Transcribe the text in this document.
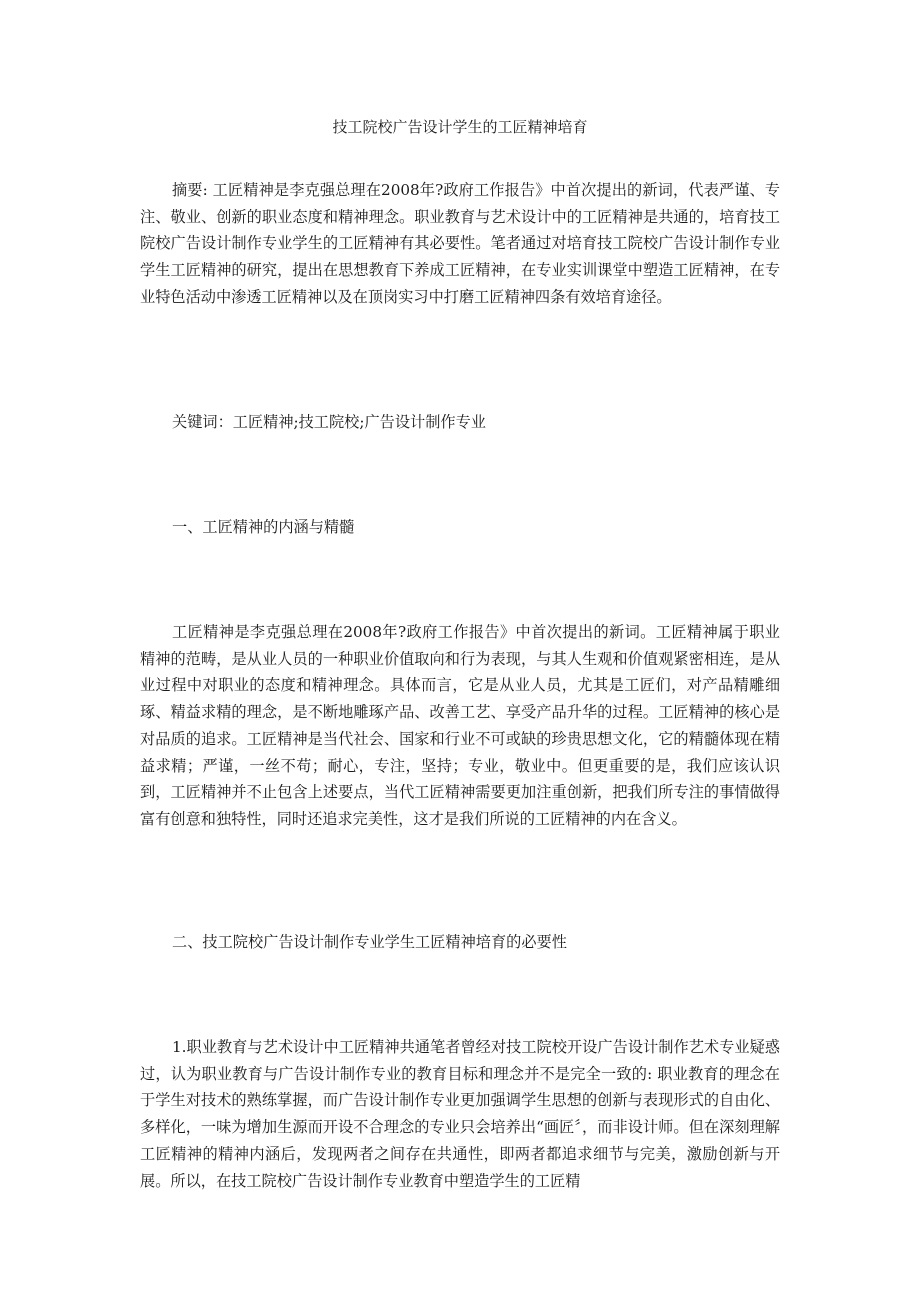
技工院校广告设计学生的工匠精神培育

摘要: 工匠精神是李克强总理在2008年?政府工作报告》中首次提出的新词，代表严谨、专注、敬业、创新的职业态度和精神理念。职业教育与艺术设计中的工匠精神是共通的，培育技工院校广告设计制作专业学生的工匠精神有其必要性。笔者通过对培育技工院校广告设计制作专业学生工匠精神的研究，提出在思想教育下养成工匠精神，在专业实训课堂中塑造工匠精神，在专业特色活动中渗透工匠精神以及在顶岗实习中打磨工匠精神四条有效培育途径。

关键词：工匠精神;技工院校;广告设计制作专业

一、工匠精神的内涵与精髓

工匠精神是李克强总理在2008年?政府工作报告》中首次提出的新词。工匠精神属于职业精神的范畴，是从业人员的一种职业价值取向和行为表现，与其人生观和价值观紧密相连，是从业过程中对职业的态度和精神理念。具体而言，它是从业人员，尤其是工匠们，对产品精雕细琢、精益求精的理念，是不断地雕琢产品、改善工艺、享受产品升华的过程。工匠精神的核心是对品质的追求。工匠精神是当代社会、国家和行业不可或缺的珍贵思想文化，它的精髓体现在精益求精；严谨，一丝不苟；耐心，专注，坚持；专业，敬业中。但更重要的是，我们应该认识到，工匠精神并不止包含上述要点，当代工匠精神需要更加注重创新，把我们所专注的事情做得富有创意和独特性，同时还追求完美性，这才是我们所说的工匠精神的内在含义。

二、技工院校广告设计制作专业学生工匠精神培育的必要性

1.职业教育与艺术设计中工匠精神共通笔者曾经对技工院校开设广告设计制作艺术专业疑惑过，认为职业教育与广告设计制作专业的教育目标和理念并不是完全一致的: 职业教育的理念在于学生对技术的熟练掌握，而广告设计制作专业更加强调学生思想的创新与表现形式的自由化、多样化，一味为增加生源而开设不合理念的专业只会培养出“画匠〞，而非设计师。但在深刻理解工匠精神的精神内涵后，发现两者之间存在共通性，即两者都追求细节与完美，激励创新与开展。所以，在技工院校广告设计制作专业教育中塑造学生的工匠精
